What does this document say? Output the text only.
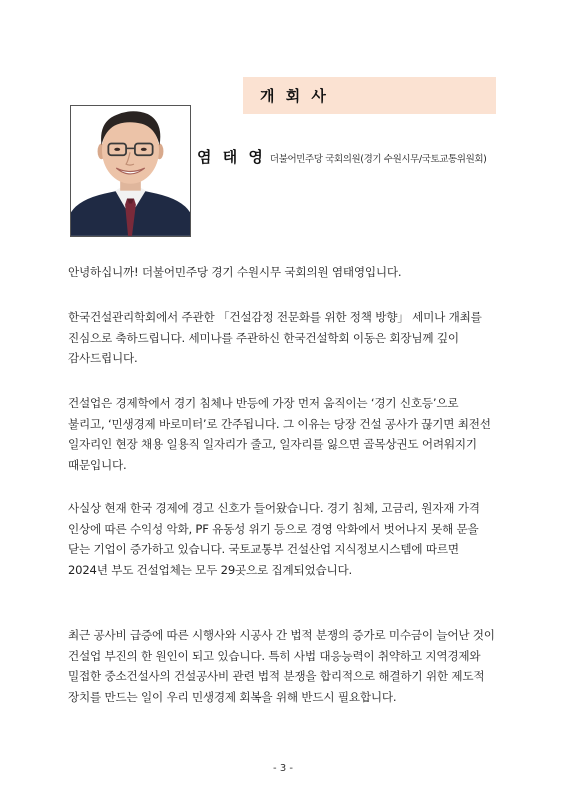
개 회 사
염 태 영 더불어민주당 국회의원(경기 수원시무/국토교통위원회)
안녕하십니까! 더불어민주당 경기 수원시무 국회의원 염태영입니다.
한국건설관리학회에서 주관한 「건설감정 전문화를 위한 정책 방향」 세미나 개최를 진심으로 축하드립니다. 세미나를 주관하신 한국건설학회 이동은 회장님께 깊이 감사드립니다.
건설업은 경제학에서 경기 침체나 반등에 가장 먼저 움직이는 ‘경기 신호등’으로 불리고, ‘민생경제 바로미터’로 간주됩니다. 그 이유는 당장 건설 공사가 끊기면 최전선 일자리인 현장 채용 일용직 일자리가 줄고, 일자리를 잃으면 골목상권도 어려워지기 때문입니다.
사실상 현재 한국 경제에 경고 신호가 들어왔습니다. 경기 침체, 고금리, 원자재 가격 인상에 따른 수익성 악화, PF 유동성 위기 등으로 경영 악화에서 벗어나지 못해 문을 닫는 기업이 증가하고 있습니다. 국토교통부 건설산업 지식정보시스템에 따르면 2024년 부도 건설업체는 모두 29곳으로 집계되었습니다.
최근 공사비 급증에 따른 시행사와 시공사 간 법적 분쟁의 증가로 미수금이 늘어난 것이 건설업 부진의 한 원인이 되고 있습니다. 특히 사법 대응능력이 취약하고 지역경제와 밀접한 중소건설사의 건설공사비 관련 법적 분쟁을 합리적으로 해결하기 위한 제도적 장치를 만드는 일이 우리 민생경제 회복을 위해 반드시 필요합니다.
- 3 -
